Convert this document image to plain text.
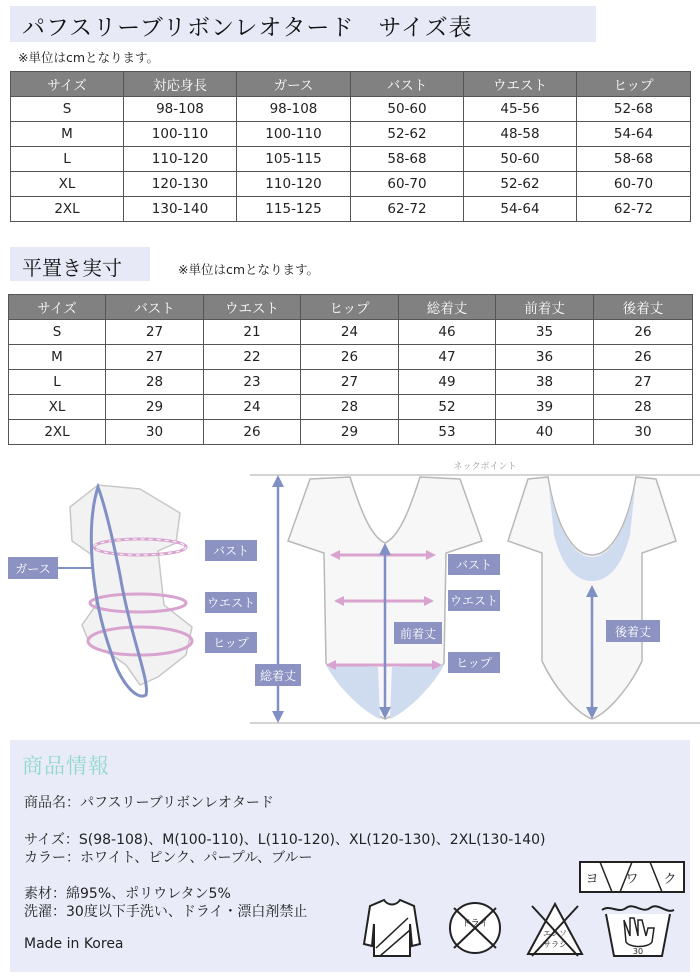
パフスリーブリボンレオタード　サイズ表
※単位はcmとなります。
サイズ	対応身長	ガース	バスト	ウエスト	ヒップ
S	98-108	98-108	50-60	45-56	52-68
M	100-110	100-110	52-62	48-58	54-64
L	110-120	105-115	58-68	50-60	58-68
XL	120-130	110-120	60-70	52-62	60-70
2XL	130-140	115-125	62-72	54-64	62-72
平置き実寸	※単位はcmとなります。
サイズ	バスト	ウエスト	ヒップ	総着丈	前着丈	後着丈
S	27	21	24	46	35	26
M	27	22	26	47	36	26
L	28	23	27	49	38	27
XL	29	24	28	52	39	28
2XL	30	26	29	53	40	30
ガース
バスト
ウエスト
ヒップ
ネックポイント
総着丈
前着丈
バスト
ウエスト
ヒップ
後着丈
商品情報
商品名：パフスリーブリボンレオタード
サイズ：S(98-108)、M(100-110)、L(110-120)、XL(120-130)、2XL(130-140)
カラー：ホワイト、ピンク、パープル、ブルー
素材：綿95%、ポリウレタン5%
洗濯：30度以下手洗い、ドライ・漂白剤禁止
Made in Korea
ヨ ワ ク
ドライ
エンソ
サラシ
30
